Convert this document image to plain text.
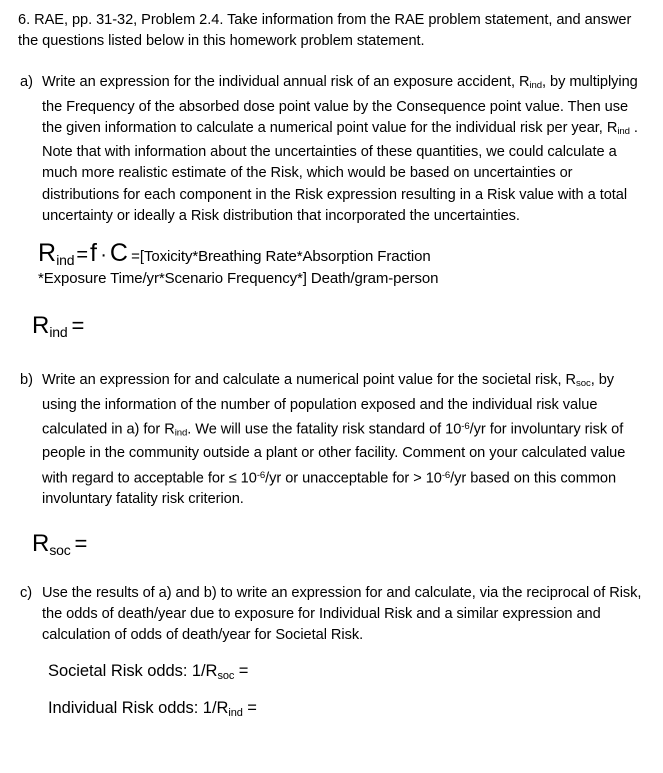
6. RAE, pp. 31-32, Problem 2.4. Take information from the RAE problem statement, and answer the questions listed below in this homework problem statement.
a) Write an expression for the individual annual risk of an exposure accident, $R_{ind}$, by multiplying the Frequency of the absorbed dose point value by the Consequence point value. Then use the given information to calculate a numerical point value for the individual risk per year, $R_{ind}$ . Note that with information about the uncertainties of these quantities, we could calculate a much more realistic estimate of the Risk, which would be based on uncertainties or distributions for each component in the Risk expression resulting in a Risk value with a total uncertainty or ideally a Risk distribution that incorporated the uncertainties.
Rind =f · C =[Toxicity*Breathing Rate*Absorption Fraction
*Exposure Time/yr*Scenario Frequency*] Death/gram-person
$R_{ind}$ =
b) Write an expression for and calculate a numerical point value for the societal risk, $R_{soc}$, by using the information of the number of population exposed and the individual risk value calculated in a) for $R_{ind}$. We will use the fatality risk standard of $10^{-6}/yr$ for involuntary risk of people in the community outside a plant or other facility. Comment on your calculated value with regard to acceptable for ≤ $10^{-6}/yr$ or unacceptable for > $10^{-6}/yr$ based on this common involuntary fatality risk criterion.
$R_{soc}$ =
c) Use the results of a) and b) to write an expression for and calculate, via the reciprocal of Risk, the odds of death/year due to exposure for Individual Risk and a similar expression and calculation of odds of death/year for Societal Risk.
Societal Risk odds: $1/R_{soc}$ =
Individual Risk odds: $1/R_{ind}$ =
